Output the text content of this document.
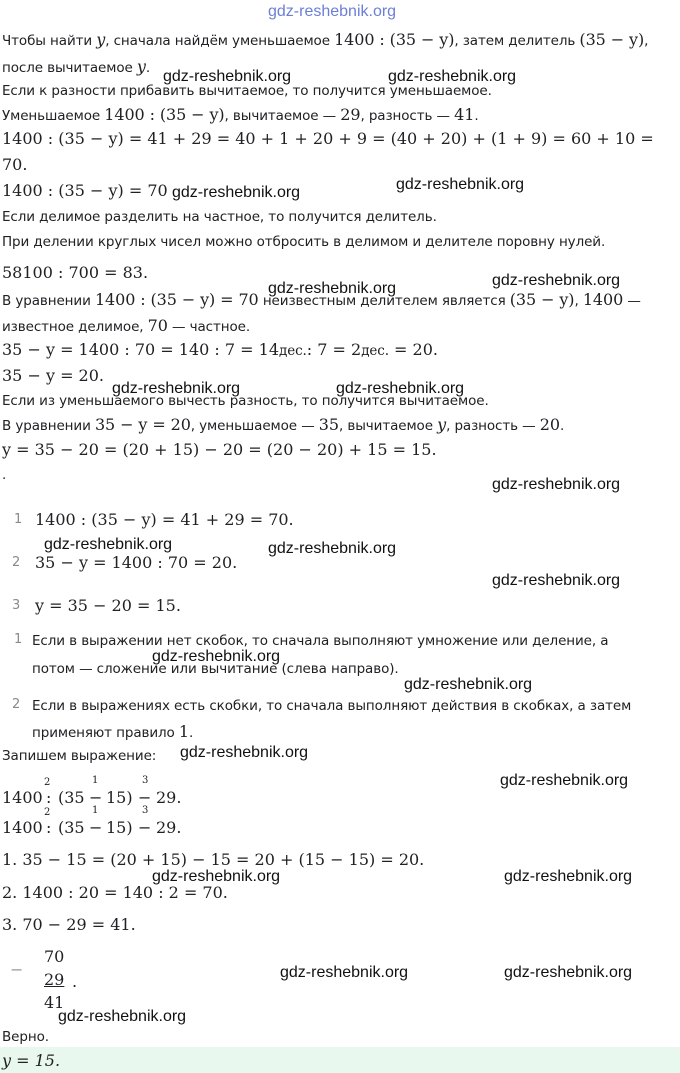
gdz-reshebnik.org
Чтобы найти y, сначала найдём уменьшаемое 1400 : (35 − y), затем делитель (35 − y),
после вычитаемое y.
Если к разности прибавить вычитаемое, то получится уменьшаемое.
Уменьшаемое 1400 : (35 − y), вычитаемое — 29, разность — 41.
1400 : (35 − y) = 41 + 29 = 40 + 1 + 20 + 9 = (40 + 20) + (1 + 9) = 60 + 10 =
70.
1400 : (35 − y) = 70
Если делимое разделить на частное, то получится делитель.
При делении круглых чисел можно отбросить в делимом и делителе поровну нулей.
58100 : 700 = 83.
В уравнении 1400 : (35 − y) = 70 неизвестным делителем является (35 − y), 1400 —
известное делимое, 70 — частное.
35 − y = 1400 : 70 = 140 : 7 = 14дес.: 7 = 2дес. = 20.
35 − y = 20.
Если из уменьшаемого вычесть разность, то получится вычитаемое.
В уравнении 35 − y = 20, уменьшаемое — 35, вычитаемое y, разность — 20.
y = 35 − 20 = (20 + 15) − 20 = (20 − 20) + 15 = 15.
.
1 1400 : (35 − y) = 41 + 29 = 70.
2 35 − y = 1400 : 70 = 20.
3 y = 35 − 20 = 15.
1 Если в выражении нет скобок, то сначала выполняют умножение или деление, а
потом — сложение или вычитание (слева направо).
2 Если в выражениях есть скобки, то сначала выполняют действия в скобках, а затем
применяют правило 1.
Запишем выражение:
1400 :
2
(35 −
1
15) −
3
29.
1400 :
2
(35 −
1
15) −
3
29.
1. 35 − 15 = (20 + 15) − 15 = 20 + (15 − 15) = 20.
2. 1400 : 20 = 140 : 2 = 70.
3. 70 − 29 = 41.
−
70
29
41
.
Верно.
y = 15.
gdz-reshebnik.org	gdz-reshebnik.org
gdz-reshebnik.org	gdz-reshebnik.org
gdz-reshebnik.org	gdz-reshebnik.org
gdz-reshebnik.org	gdz-reshebnik.org
gdz-reshebnik.org
gdz-reshebnik.org	gdz-reshebnik.org
gdz-reshebnik.org
gdz-reshebnik.org
gdz-reshebnik.org
gdz-reshebnik.org
gdz-reshebnik.org
gdz-reshebnik.org	gdz-reshebnik.org
gdz-reshebnik.org	gdz-reshebnik.org
gdz-reshebnik.org
